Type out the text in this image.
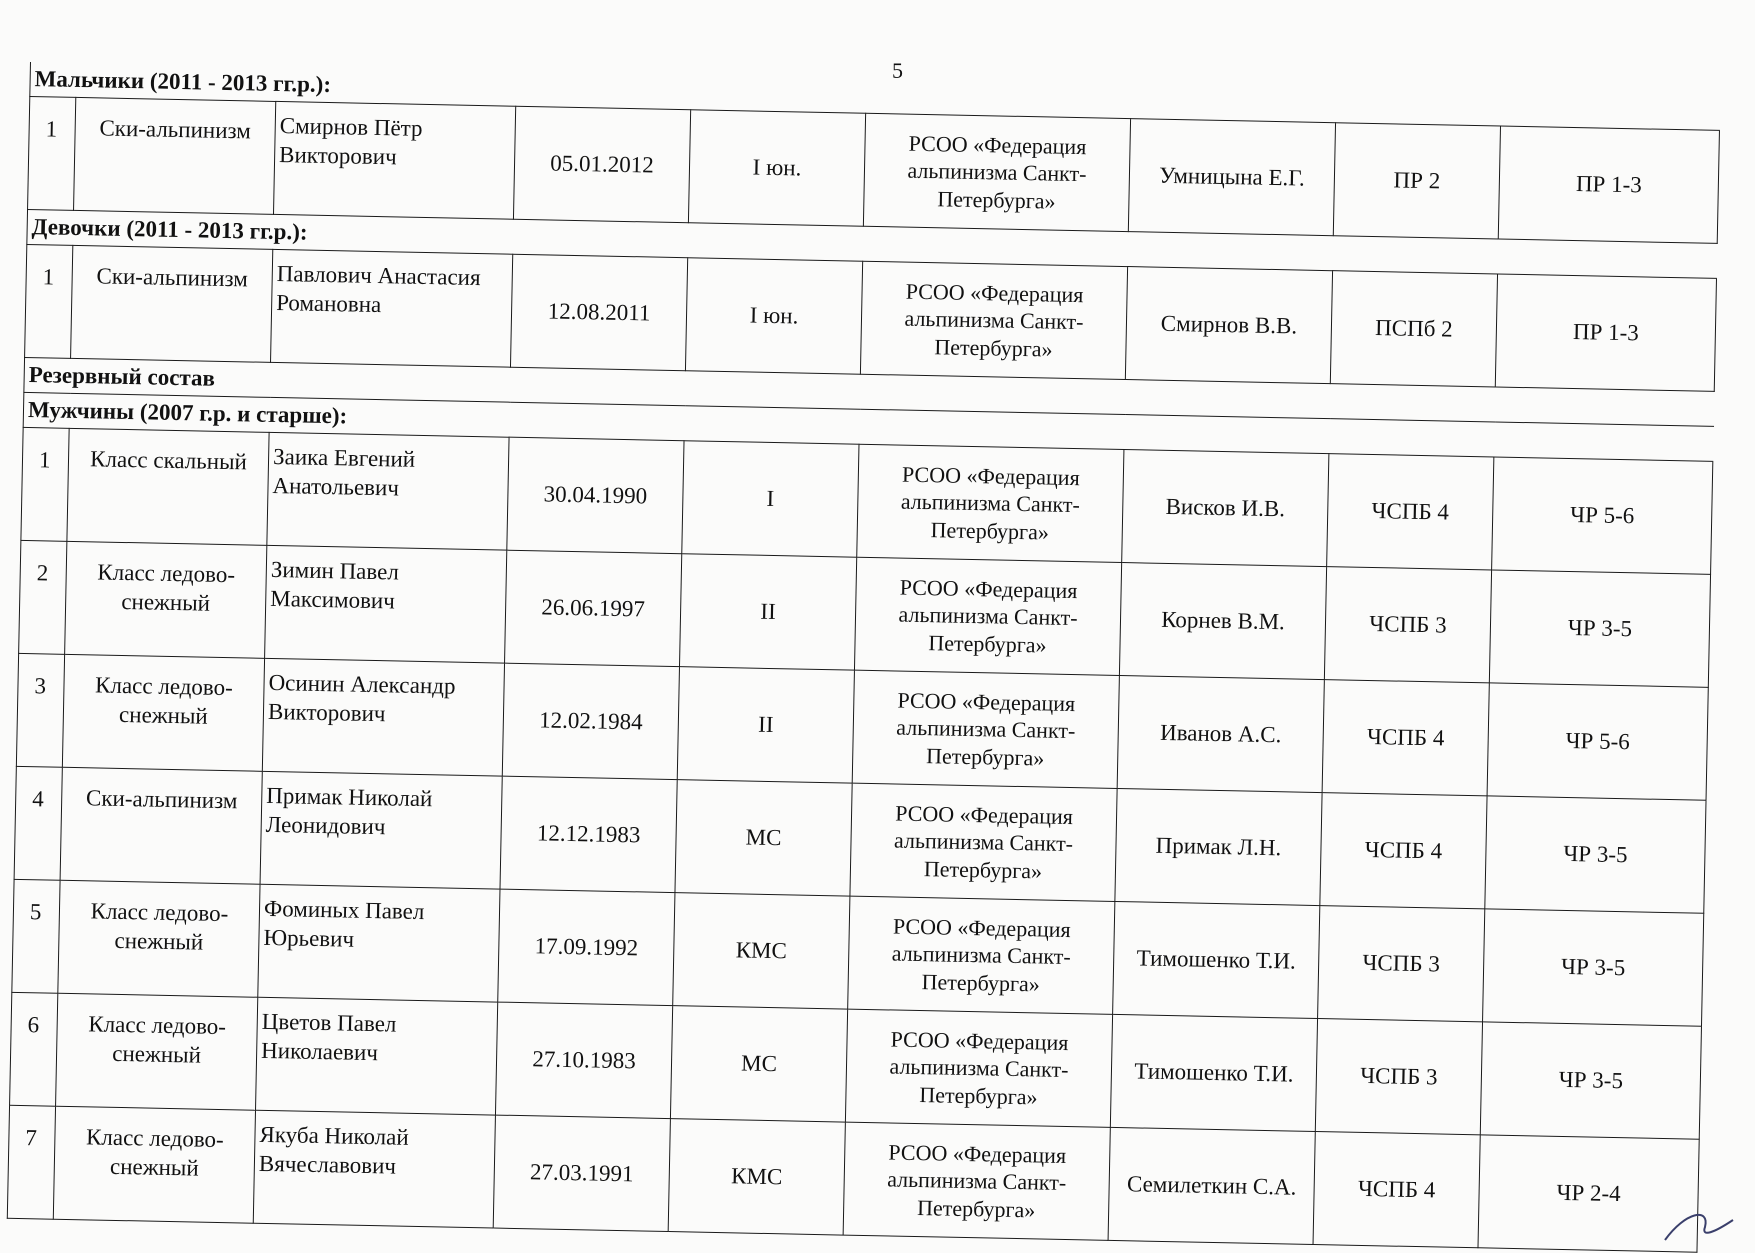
5
Мальчики (2011 - 2013 гг.р.):								
1	Ски-альпинизм	Смирнов Пётр Викторович	05.01.2012	I юн.	РСОО «Федерация альпинизма Санкт-Петербурга»	Умницына Е.Г.	ПР 2	ПР 1-3
Девочки (2011 - 2013 гг.р.):								
1	Ски-альпинизм	Павлович Анастасия Романовна	12.08.2011	I юн.	РСОО «Федерация альпинизма Санкт-Петербурга»	Смирнов В.В.	ПСПб 2	ПР 1-3
Резервный состав								
Мужчины (2007 г.р. и старше):								
1	Класс скальный	Заика Евгений Анатольевич	30.04.1990	I	РСОО «Федерация альпинизма Санкт-Петербурга»	Висков И.В.	ЧСПБ 4	ЧР 5-6
2	Класс ледово-снежный	Зимин Павел Максимович	26.06.1997	II	РСОО «Федерация альпинизма Санкт-Петербурга»	Корнев В.М.	ЧСПБ 3	ЧР 3-5
3	Класс ледово-снежный	Осинин Александр Викторович	12.02.1984	II	РСОО «Федерация альпинизма Санкт-Петербурга»	Иванов А.С.	ЧСПБ 4	ЧР 5-6
4	Ски-альпинизм	Примак Николай Леонидович	12.12.1983	МС	РСОО «Федерация альпинизма Санкт-Петербурга»	Примак Л.Н.	ЧСПБ 4	ЧР 3-5
5	Класс ледово-снежный	Фоминых Павел Юрьевич	17.09.1992	КМС	РСОО «Федерация альпинизма Санкт-Петербурга»	Тимошенко Т.И.	ЧСПБ 3	ЧР 3-5
6	Класс ледово-снежный	Цветов Павел Николаевич	27.10.1983	МС	РСОО «Федерация альпинизма Санкт-Петербурга»	Тимошенко Т.И.	ЧСПБ 3	ЧР 3-5
7	Класс ледово-снежный	Якуба Николай Вячеславович	27.03.1991	КМС	РСОО «Федерация альпинизма Санкт-Петербурга»	Семилеткин С.А.	ЧСПБ 4	ЧР 2-4
